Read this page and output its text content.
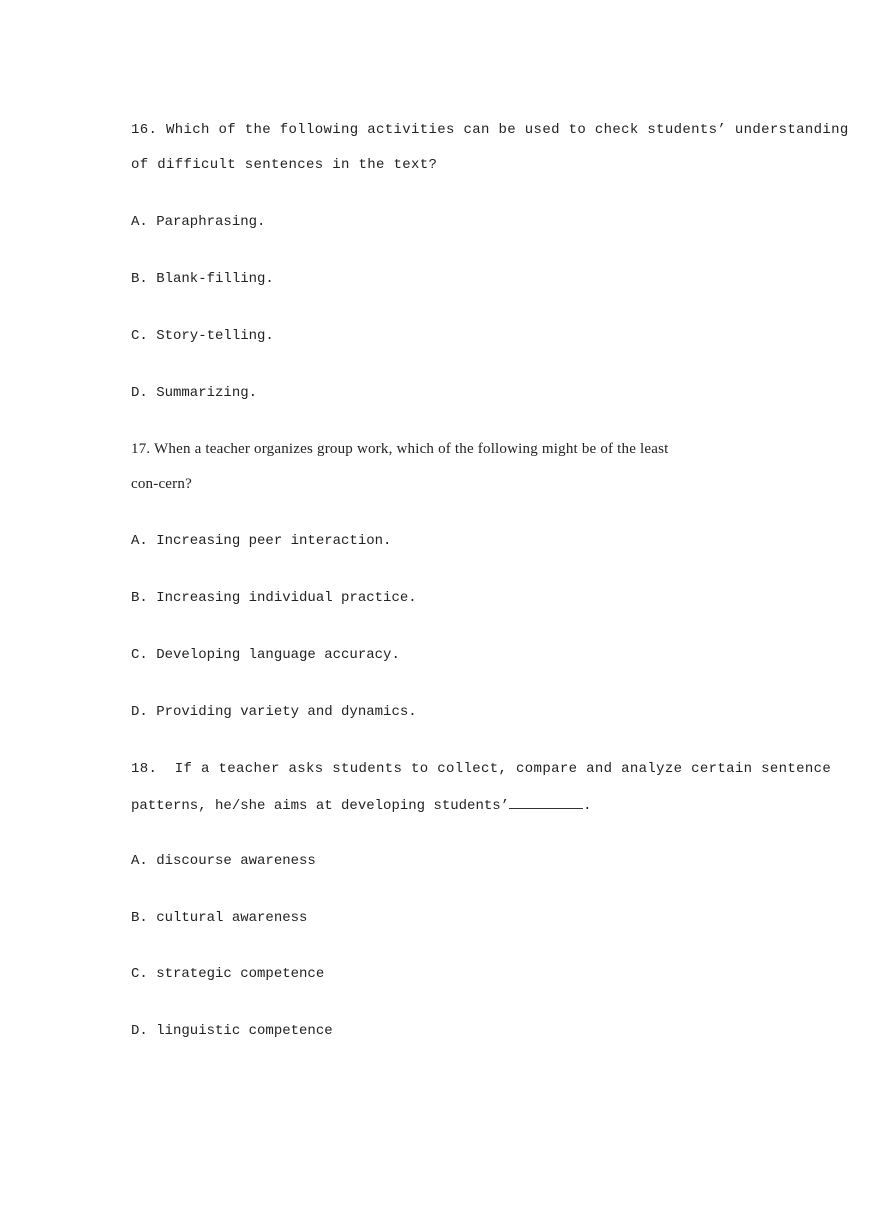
16. Which of the following activities can be used to check students’ understanding
of difficult sentences in the text?
A. Paraphrasing.
B. Blank-filling.
C. Story-telling.
D. Summarizing.
17. When a teacher organizes group work, which of the following might be of the least
con-cern?
A. Increasing peer interaction.
B. Increasing individual practice.
C. Developing language accuracy.
D. Providing variety and dynamics.
18.  If a teacher asks students to collect, compare and analyze certain sentence
patterns, he/she aims at developing students’	.
A. discourse awareness
B. cultural awareness
C. strategic competence
D. linguistic competence
